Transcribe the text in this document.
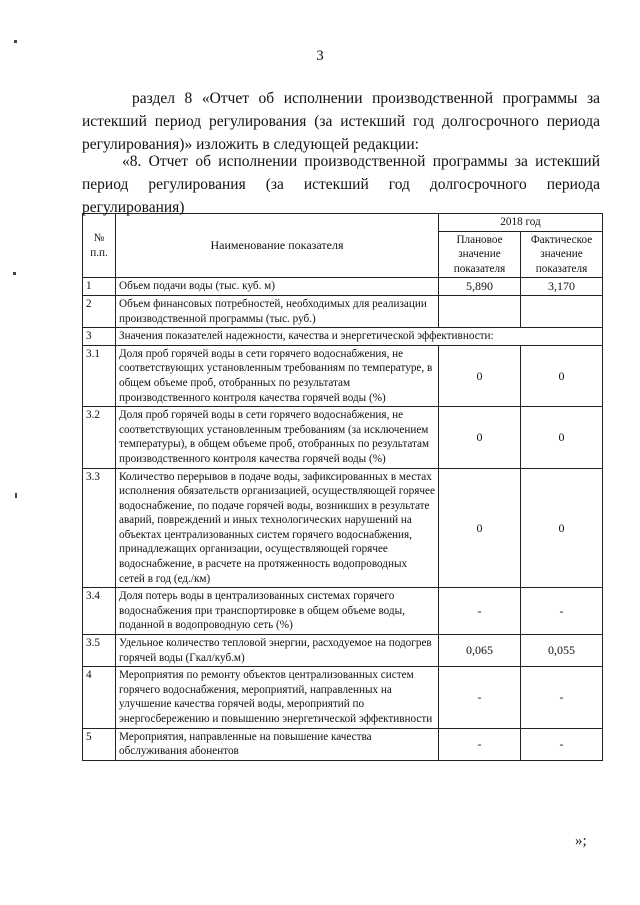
3
раздел 8 «Отчет об исполнении производственной программы за истекший период регулирования (за истекший год долгосрочного периода регулирования)» изложить в следующей редакции:
«8. Отчет об исполнении производственной программы за истекший период регулирования (за истекший год долгосрочного периода регулирования)
№ п.п.	Наименование показателя	2018 год	
		Плановое значение показателя	Фактическое значение показателя
1	Объем подачи воды (тыс. куб. м)	5,890	3,170
2	Объем финансовых потребностей, необходимых для реализации производственной программы (тыс. руб.)		
3	Значения показателей надежности, качества и энергетической эффективности:		
3.1	Доля проб горячей воды в сети горячего водоснабжения, не соответствующих установленным требованиям по температуре, в общем объеме проб, отобранных по результатам производственного контроля качества горячей воды (%)	0	0
3.2	Доля проб горячей воды в сети горячего водоснабжения, не соответствующих установленным требованиям (за исключением температуры), в общем объеме проб, отобранных по результатам производственного контроля качества горячей воды (%)	0	0
3.3	Количество перерывов в подаче воды, зафиксированных в местах исполнения обязательств организацией, осуществляющей горячее водоснабжение, по подаче горячей воды, возникших в результате аварий, повреждений и иных технологических нарушений на объектах централизованных систем горячего водоснабжения, принадлежащих организации, осуществляющей горячее водоснабжение, в расчете на протяженность водопроводных сетей в год (ед./км)	0	0
3.4	Доля потерь воды в централизованных системах горячего водоснабжения при транспортировке в общем объеме воды, поданной в водопроводную сеть (%)	-	-
3.5	Удельное количество тепловой энергии, расходуемое на подогрев горячей воды (Гкал/куб.м)	0,065	0,055
4	Мероприятия по ремонту объектов централизованных систем горячего водоснабжения, мероприятий, направленных на улучшение качества горячей воды, мероприятий по энергосбережению и повышению энергетической эффективности	-	-
5	Мероприятия, направленные на повышение качества обслуживания абонентов	-	-
»;
